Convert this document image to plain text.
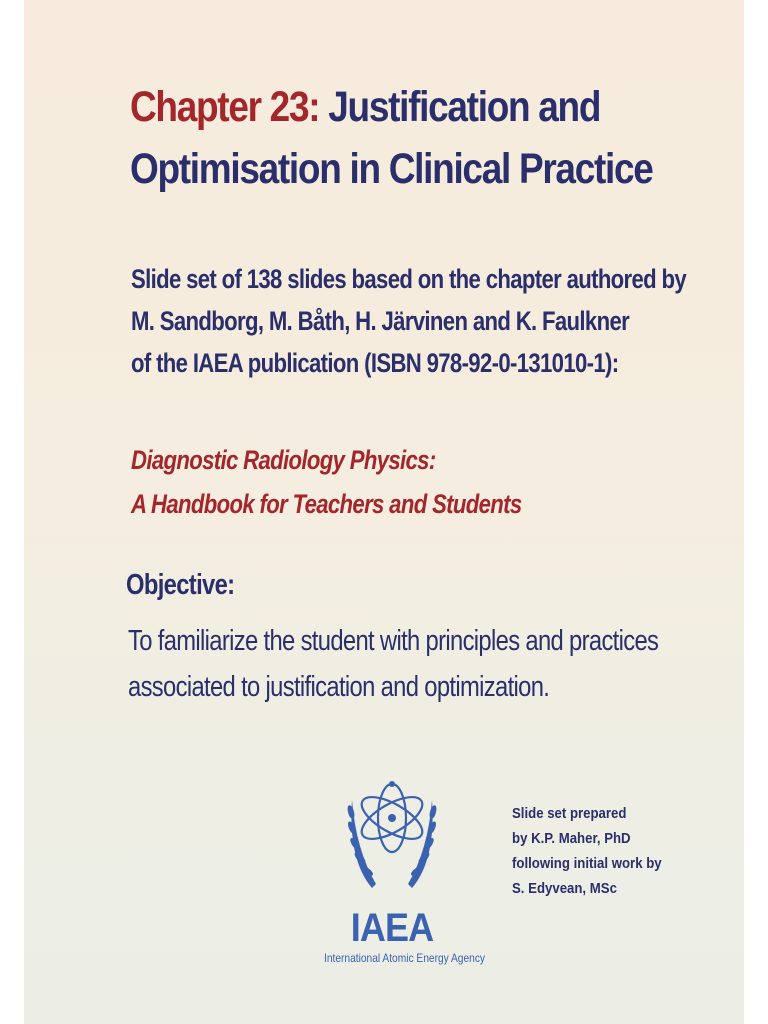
Chapter 23: Justification and
Optimisation in Clinical Practice
Slide set of 138 slides based on the chapter authored by
M. Sandborg, M. Båth, H. Järvinen and K. Faulkner
of the IAEA publication (ISBN 978-92-0-131010-1):
Diagnostic Radiology Physics:
A Handbook for Teachers and Students
Objective:
To familiarize the student with principles and practices
associated to justification and optimization.
IAEA
International Atomic Energy Agency
Slide set prepared
by K.P. Maher, PhD
following initial work by
S. Edyvean, MSc
